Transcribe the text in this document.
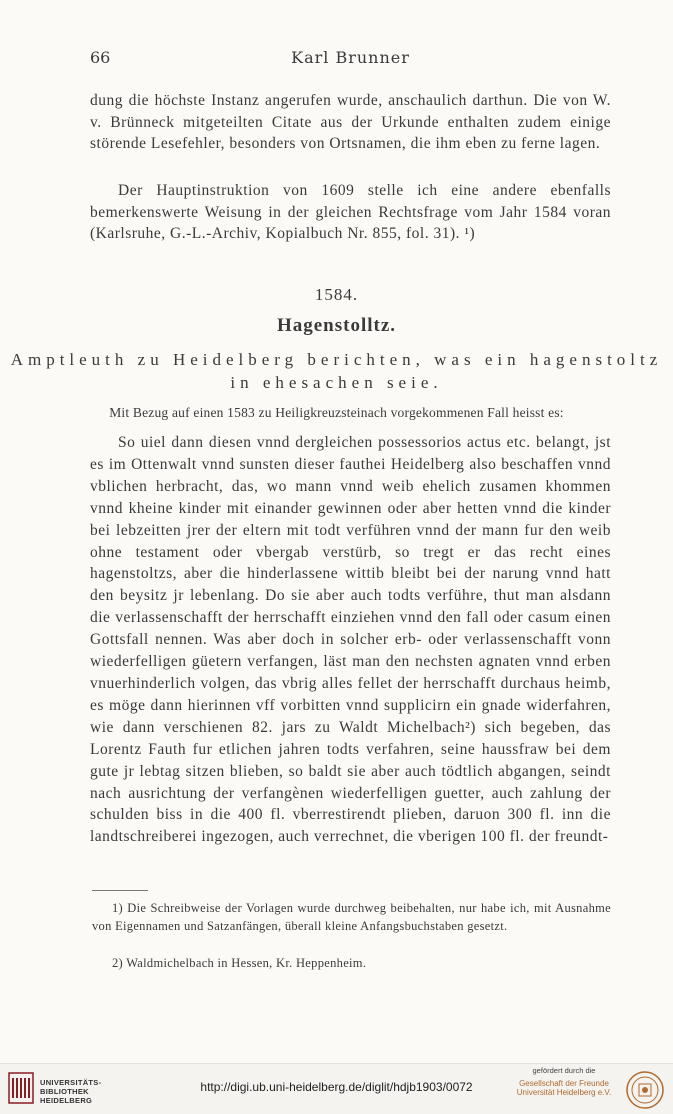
66	Karl Brunner

dung die höchste Instanz angerufen wurde, anschaulich darthun. Die von W. v. Brünneck mitgeteilten Citate aus der Urkunde enthalten zudem einige störende Lesefehler, besonders von Ortsnamen, die ihm eben zu ferne lagen.

Der Hauptinstruktion von 1609 stelle ich eine andere ebenfalls bemerkenswerte Weisung in der gleichen Rechtsfrage vom Jahr 1584 voran (Karlsruhe, G.-L.-Archiv, Kopialbuch Nr. 855, fol. 31). ¹)

1584.
Hagenstolltz.
Amptleuth zu Heidelberg berichten, was ein hagenstoltz
in ehesachen seie.
Mit Bezug auf einen 1583 zu Heiligkreuzsteinach vorgekommenen Fall heisst es:

So uiel dann diesen vnnd dergleichen possessorios actus etc. belangt, jst es im Ottenwalt vnnd sunsten dieser fauthei Heidelberg also beschaffen vnnd vblichen herbracht, das, wo mann vnnd weib ehelich zusamen khommen vnnd kheine kinder mit einander gewinnen oder aber hetten vnnd die kinder bei lebzeitten jrer der eltern mit todt verführen vnnd der mann fur den weib ohne testament oder vbergab verstürb, so tregt er das recht eines hagenstoltzs, aber die hinderlassene wittib bleibt bei der narung vnnd hatt den beysitz jr lebenlang. Do sie aber auch todts verführe, thut man alsdann die verlassenschafft der herrschafft einziehen vnnd den fall oder casum einen Gottsfall nennen. Was aber doch in solcher erb- oder verlassenschafft vonn wiederfelligen güetern verfangen, läst man den nechsten agnaten vnnd erben vnuerhinderlich volgen, das vbrig alles fellet der herrschafft durchaus heimb, es möge dann hierinnen vff vorbitten vnnd supplicirn ein gnade widerfahren, wie dann verschienen 82. jars zu Waldt Michelbach²) sich begeben, das Lorentz Fauth fur etlichen jahren todts verfahren, seine haussfraw bei dem gute jr lebtag sitzen blieben, so baldt sie aber auch tödtlich abgangen, seindt nach ausrichtung der verfangènen wiederfelligen guetter, auch zahlung der schulden biss in die 400 fl. vberrestirendt plieben, daruon 300 fl. inn die landtschreiberei ingezogen, auch verrechnet, die vberigen 100 fl. der freundt-

1) Die Schreibweise der Vorlagen wurde durchweg beibehalten, nur habe ich, mit Ausnahme von Eigennamen und Satzanfängen, überall kleine Anfangsbuchstaben gesetzt.

2) Waldmichelbach in Hessen, Kr. Heppenheim.

UNIVERSITÄTS-
BIBLIOTHEK
HEIDELBERG
http://digi.ub.uni-heidelberg.de/diglit/hdjb1903/0072
gefördert durch die
Gesellschaft der Freunde
Universität Heidelberg e.V.
